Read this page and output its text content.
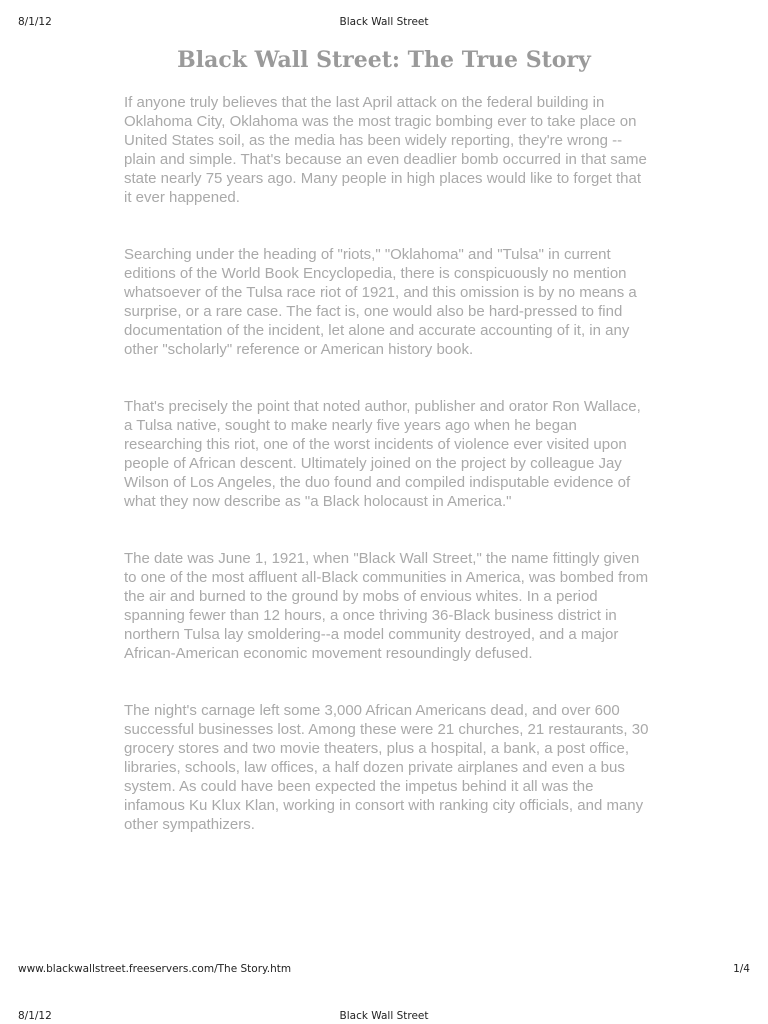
8/1/12	Black Wall Street
Black Wall Street: The True Story

If anyone truly believes that the last April attack on the federal building in Oklahoma City, Oklahoma was the most tragic bombing ever to take place on United States soil, as the media has been widely reporting, they're wrong -- plain and simple. That's because an even deadlier bomb occurred in that same state nearly 75 years ago. Many people in high places would like to forget that it ever happened.

Searching under the heading of "riots," "Oklahoma" and "Tulsa" in current editions of the World Book Encyclopedia, there is conspicuously no mention whatsoever of the Tulsa race riot of 1921, and this omission is by no means a surprise, or a rare case. The fact is, one would also be hard-pressed to find documentation of the incident, let alone and accurate accounting of it, in any other "scholarly" reference or American history book.

That's precisely the point that noted author, publisher and orator Ron Wallace, a Tulsa native, sought to make nearly five years ago when he began researching this riot, one of the worst incidents of violence ever visited upon people of African descent. Ultimately joined on the project by colleague Jay Wilson of Los Angeles, the duo found and compiled indisputable evidence of what they now describe as "a Black holocaust in America."

The date was June 1, 1921, when "Black Wall Street," the name fittingly given to one of the most affluent all-Black communities in America, was bombed from the air and burned to the ground by mobs of envious whites. In a period spanning fewer than 12 hours, a once thriving 36-Black business district in northern Tulsa lay smoldering--a model community destroyed, and a major African-American economic movement resoundingly defused.

The night's carnage left some 3,000 African Americans dead, and over 600 successful businesses lost. Among these were 21 churches, 21 restaurants, 30 grocery stores and two movie theaters, plus a hospital, a bank, a post office, libraries, schools, law offices, a half dozen private airplanes and even a bus system. As could have been expected the impetus behind it all was the infamous Ku Klux Klan, working in consort with ranking city officials, and many other sympathizers.

www.blackwallstreet.freeservers.com/The Story.htm	1/4
8/1/12	Black Wall Street
